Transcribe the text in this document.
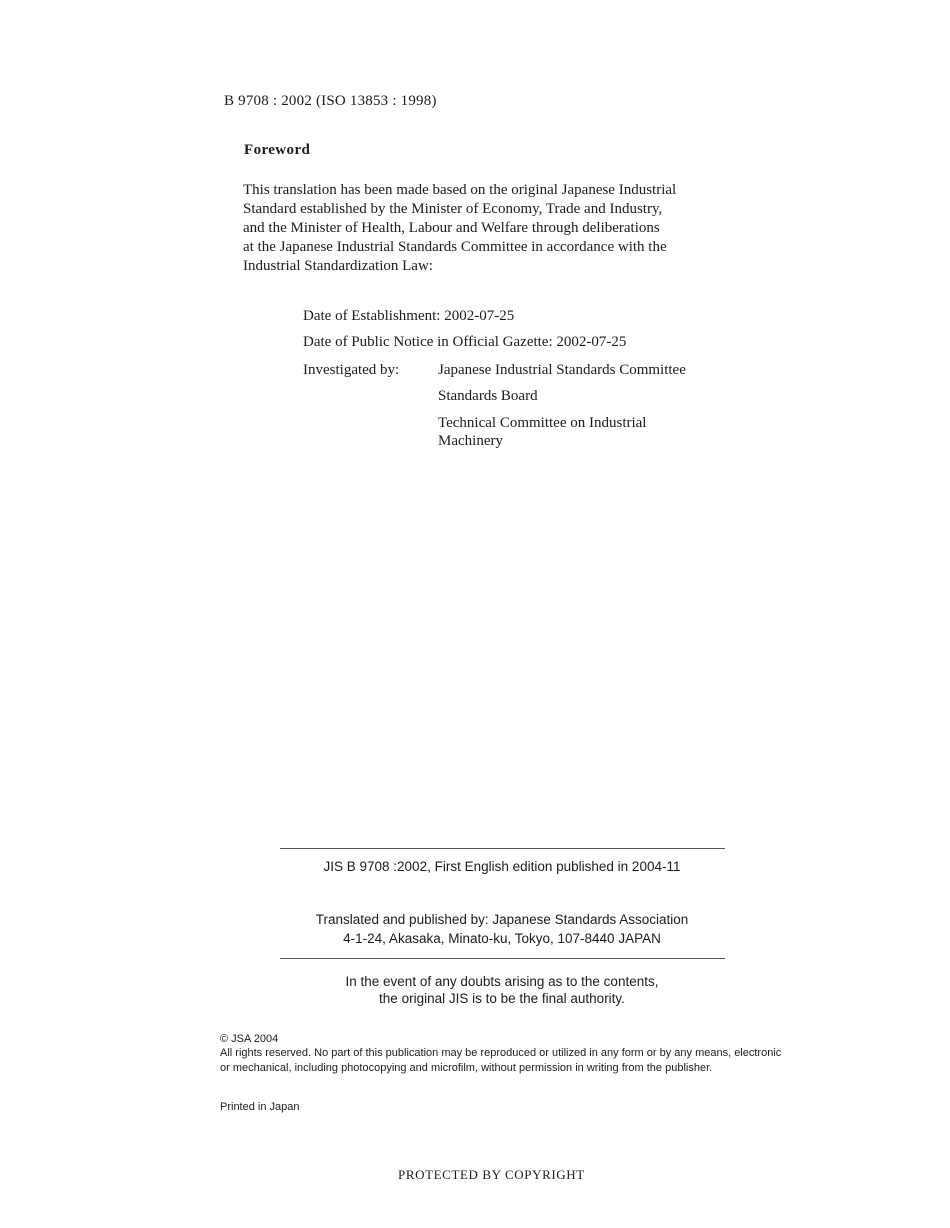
B 9708 : 2002 (ISO 13853 : 1998)
Foreword
This translation has been made based on the original Japanese Industrial
Standard established by the Minister of Economy, Trade and Industry,
and the Minister of Health, Labour and Welfare through deliberations
at the Japanese Industrial Standards Committee in accordance with the
Industrial Standardization Law:
Date of Establishment: 2002-07-25
Date of Public Notice in Official Gazette: 2002-07-25
Investigated by:	Japanese Industrial Standards Committee
Standards Board
Technical Committee on Industrial
Machinery
JIS B 9708 :2002, First English edition published in 2004-11
Translated and published by: Japanese Standards Association
4-1-24, Akasaka, Minato-ku, Tokyo, 107-8440 JAPAN
In the event of any doubts arising as to the contents,
the original JIS is to be the final authority.
© JSA 2004
All rights reserved. No part of this publication may be reproduced or utilized in any form or by any means, electronic or mechanical, including photocopying and microfilm, without permission in writing from the publisher.
Printed in Japan
PROTECTED BY COPYRIGHT
